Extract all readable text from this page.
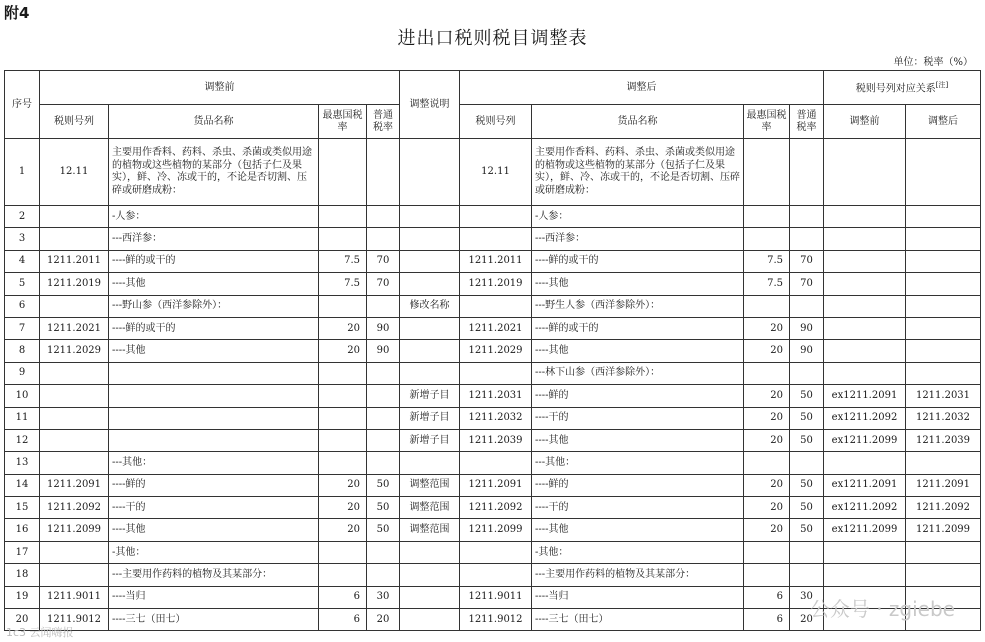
附4
进出口税则税目调整表
单位：税率（%）
序号	调整前				调整说明	调整后				税则号列对应关系[注]
	税则号列	货品名称	最惠国税率	普通税率		税则号列	货品名称	最惠国税率	普通税率	调整前	调整后
1	12.11	主要用作香料、药料、杀虫、杀菌或类似用途的植物或这些植物的某部分（包括子仁及果实），鲜、冷、冻或干的，不论是否切割、压碎或研磨成粉：				12.11	主要用作香料、药料、杀虫、杀菌或类似用途的植物或这些植物的某部分（包括子仁及果实），鲜、冷、冻或干的，不论是否切割、压碎或研磨成粉：				
2		-人参：					-人参：				
3		---西洋参：					---西洋参：				
4	1211.2011	----鲜的或干的	7.5	70		1211.2011	----鲜的或干的	7.5	70		
5	1211.2019	----其他	7.5	70		1211.2019	----其他	7.5	70		
6		---野山参（西洋参除外）：			修改名称		---野生人参（西洋参除外）：				
7	1211.2021	----鲜的或干的	20	90		1211.2021	----鲜的或干的	20	90		
8	1211.2029	----其他	20	90		1211.2029	----其他	20	90		
9							---林下山参（西洋参除外）：				
10					新增子目	1211.2031	----鲜的	20	50	ex1211.2091	1211.2031
11					新增子目	1211.2032	----干的	20	50	ex1211.2092	1211.2032
12					新增子目	1211.2039	----其他	20	50	ex1211.2099	1211.2039
13		---其他：					---其他：				
14	1211.2091	----鲜的	20	50	调整范围	1211.2091	----鲜的	20	50	ex1211.2091	1211.2091
15	1211.2092	----干的	20	50	调整范围	1211.2092	----干的	20	50	ex1211.2092	1211.2092
16	1211.2099	----其他	20	50	调整范围	1211.2099	----其他	20	50	ex1211.2099	1211.2099
17		-其他：					-其他：				
18		---主要用作药料的植物及其某部分：					---主要用作药料的植物及其某部分：				
19	1211.9011	----当归	6	30		1211.9011	----当归	6	30		
20	1211.9012	----三七（田七）	6	20		1211.9012	----三七（田七）	6	20		
公众号 · zgiebe
1c3 云闻嗨报
